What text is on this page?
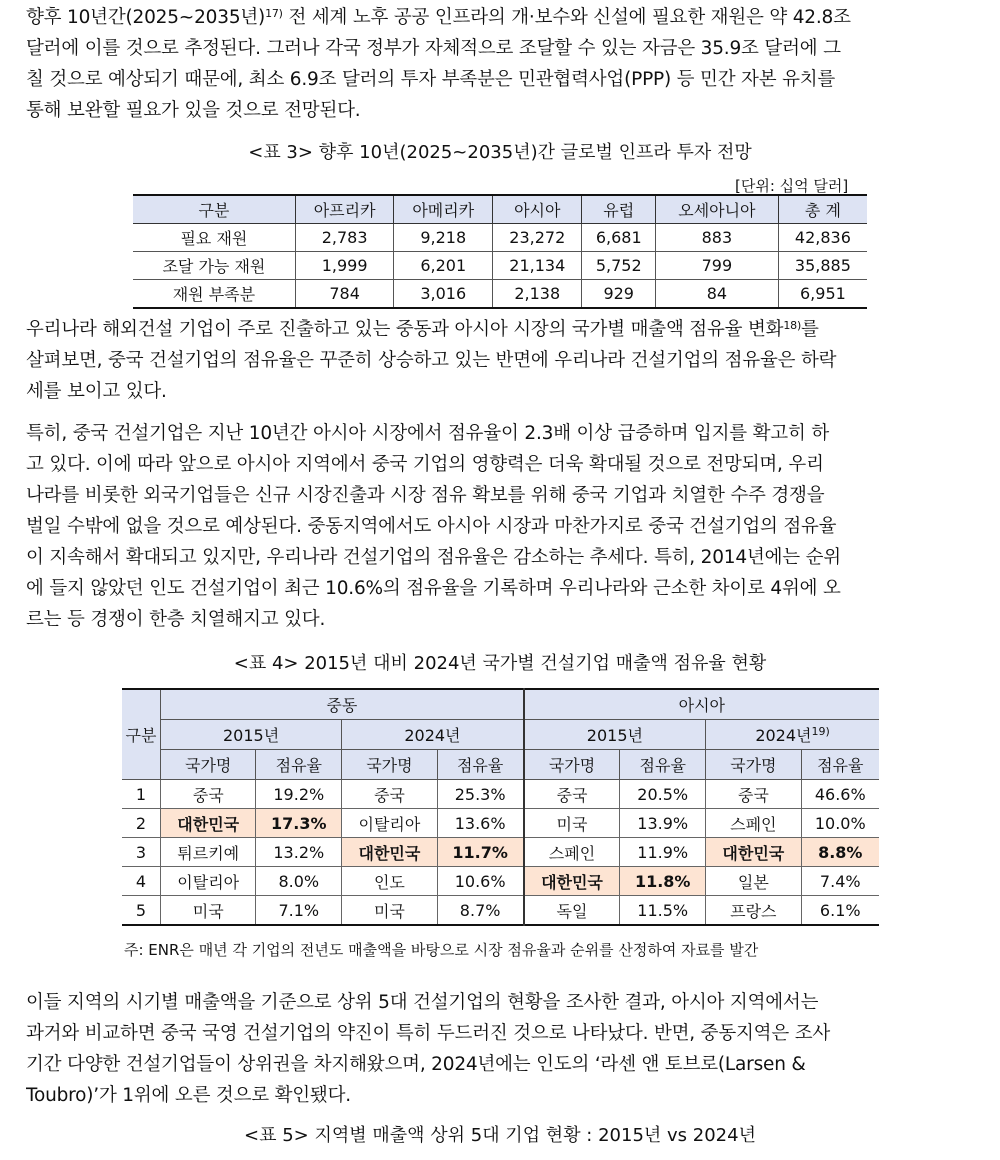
향후 10년간(2025~2035년)$^{17)}$ 전 세계 노후 공공 인프라의 개·보수와 신설에 필요한 재원은 약 42.8조
달러에 이를 것으로 추정된다. 그러나 각국 정부가 자체적으로 조달할 수 있는 자금은 35.9조 달러에 그
칠 것으로 예상되기 때문에, 최소 6.9조 달러의 투자 부족분은 민관협력사업(PPP) 등 민간 자본 유치를
통해 보완할 필요가 있을 것으로 전망된다.
<표 3> 향후 10년(2025~2035년)간 글로벌 인프라 투자 전망
[단위: 십억 달러]
구분	아프리카	아메리카	아시아	유럽	오세아니아	총 계
필요 재원	2,783	9,218	23,272	6,681	883	42,836
조달 가능 재원	1,999	6,201	21,134	5,752	799	35,885
재원 부족분	784	3,016	2,138	929	84	6,951
우리나라 해외건설 기업이 주로 진출하고 있는 중동과 아시아 시장의 국가별 매출액 점유율 변화$^{18)}$를
살펴보면, 중국 건설기업의 점유율은 꾸준히 상승하고 있는 반면에 우리나라 건설기업의 점유율은 하락
세를 보이고 있다.
특히, 중국 건설기업은 지난 10년간 아시아 시장에서 점유율이 2.3배 이상 급증하며 입지를 확고히 하
고 있다. 이에 따라 앞으로 아시아 지역에서 중국 기업의 영향력은 더욱 확대될 것으로 전망되며, 우리
나라를 비롯한 외국기업들은 신규 시장진출과 시장 점유 확보를 위해 중국 기업과 치열한 수주 경쟁을
벌일 수밖에 없을 것으로 예상된다. 중동지역에서도 아시아 시장과 마찬가지로 중국 건설기업의 점유율
이 지속해서 확대되고 있지만, 우리나라 건설기업의 점유율은 감소하는 추세다. 특히, 2014년에는 순위
에 들지 않았던 인도 건설기업이 최근 10.6%의 점유율을 기록하며 우리나라와 근소한 차이로 4위에 오
르는 등 경쟁이 한층 치열해지고 있다.
<표 4> 2015년 대비 2024년 국가별 건설기업 매출액 점유율 현황
구분	중동				아시아			
	2015년		2024년		2015년		2024년$^{19)}$
	국가명	점유율	국가명	점유율	국가명	점유율	국가명	점유율
1	중국	19.2%	중국	25.3%	중국	20.5%	중국	46.6%
2	대한민국	17.3%	이탈리아	13.6%	미국	13.9%	스페인	10.0%
3	튀르키예	13.2%	대한민국	11.7%	스페인	11.9%	대한민국	8.8%
4	이탈리아	8.0%	인도	10.6%	대한민국	11.8%	일본	7.4%
5	미국	7.1%	미국	8.7%	독일	11.5%	프랑스	6.1%
주: ENR은 매년 각 기업의 전년도 매출액을 바탕으로 시장 점유율과 순위를 산정하여 자료를 발간
이들 지역의 시기별 매출액을 기준으로 상위 5대 건설기업의 현황을 조사한 결과, 아시아 지역에서는
과거와 비교하면 중국 국영 건설기업의 약진이 특히 두드러진 것으로 나타났다. 반면, 중동지역은 조사
기간 다양한 건설기업들이 상위권을 차지해왔으며, 2024년에는 인도의 ‘라센 앤 토브로(Larsen &
Toubro)’가 1위에 오른 것으로 확인됐다.
<표 5> 지역별 매출액 상위 5대 기업 현황 : 2015년 vs 2024년
